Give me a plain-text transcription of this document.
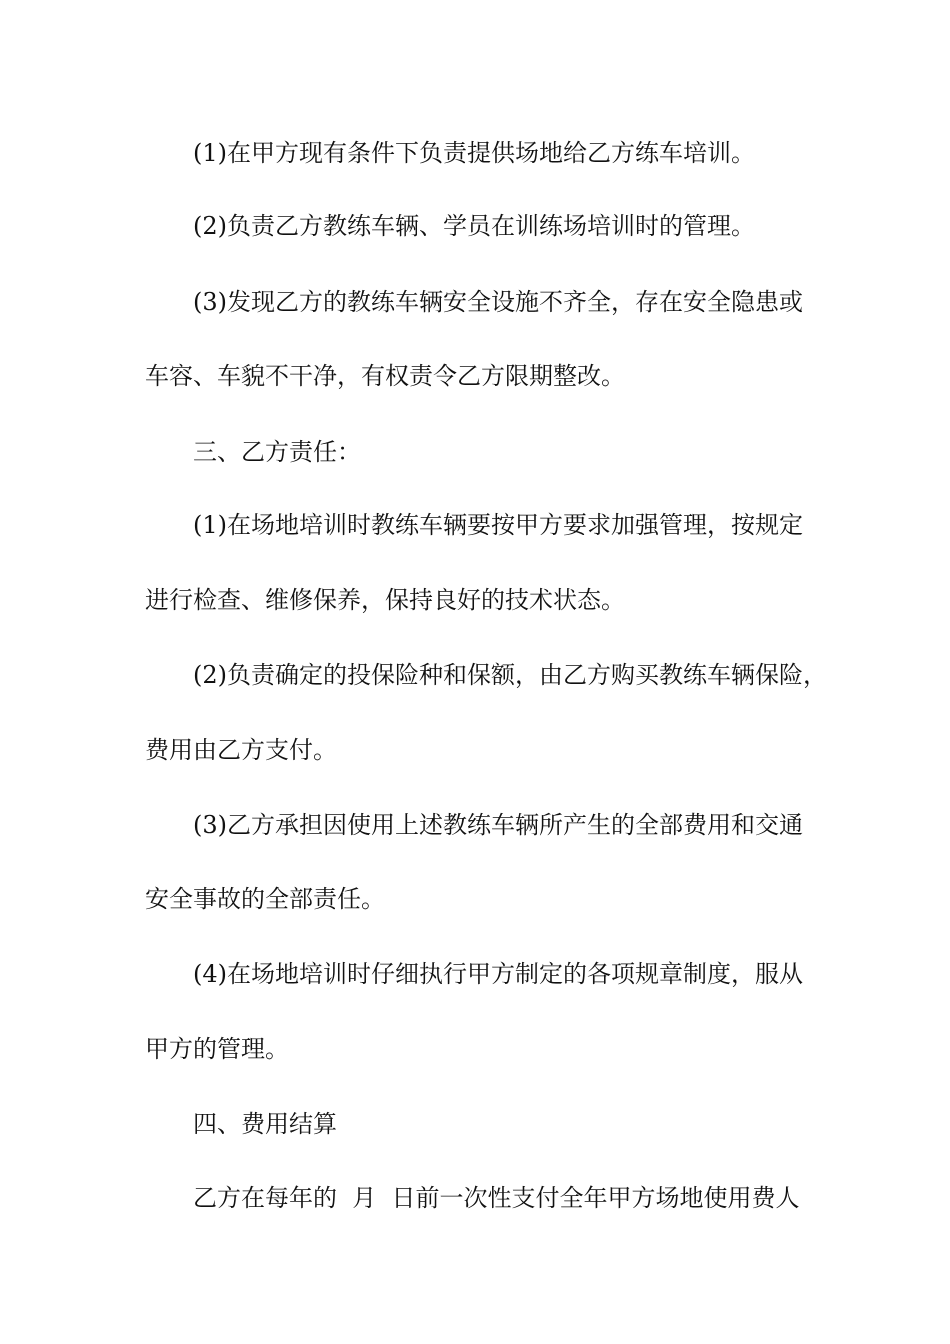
(1)在甲方现有条件下负责提供场地给乙方练车培训。
(2)负责乙方教练车辆、学员在训练场培训时的管理。
(3)发现乙方的教练车辆安全设施不齐全，存在安全隐患或
车容、车貌不干净，有权责令乙方限期整改。
三、乙方责任：
(1)在场地培训时教练车辆要按甲方要求加强管理，按规定
进行检查、维修保养，保持良好的技术状态。
(2)负责确定的投保险种和保额，由乙方购买教练车辆保险，
费用由乙方支付。
(3)乙方承担因使用上述教练车辆所产生的全部费用和交通
安全事故的全部责任。
(4)在场地培训时仔细执行甲方制定的各项规章制度，服从
甲方的管理。
四、费用结算
乙方在每年的  月  日前一次性支付全年甲方场地使用费人
